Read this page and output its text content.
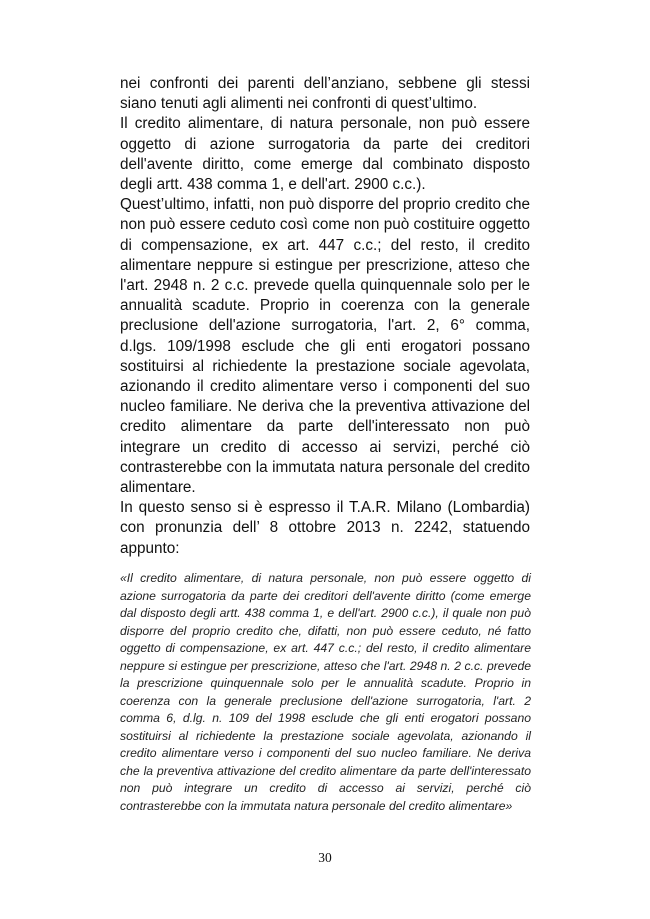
nei confronti dei parenti dell’anziano, sebbene gli stessi siano tenuti agli alimenti nei confronti di quest’ultimo.

Il credito alimentare, di natura personale, non può essere oggetto di azione surrogatoria da parte dei creditori dell'avente diritto, come emerge dal combinato disposto degli artt. 438 comma 1, e dell'art. 2900 c.c.).

Quest’ultimo, infatti, non può disporre del proprio credito che non può essere ceduto così come non può costituire oggetto di compensazione, ex art. 447 c.c.; del resto, il credito alimentare neppure si estingue per prescrizione, atteso che l'art. 2948 n. 2 c.c. prevede quella quinquennale solo per le annualità scadute. Proprio in coerenza con la generale preclusione dell'azione surrogatoria, l'art. 2, 6° comma, d.lgs. 109/1998 esclude che gli enti erogatori possano sostituirsi al richiedente la prestazione sociale agevolata, azionando il credito alimentare verso i componenti del suo nucleo familiare. Ne deriva che la preventiva attivazione del credito alimentare da parte dell'interessato non può integrare un credito di accesso ai servizi, perché ciò contrasterebbe con la immutata natura personale del credito alimentare.

In questo senso si è espresso il T.A.R. Milano (Lombardia) con pronunzia dell’ 8 ottobre 2013 n. 2242, statuendo appunto:

«Il credito alimentare, di natura personale, non può essere oggetto di azione surrogatoria da parte dei creditori dell'avente diritto (come emerge dal disposto degli artt. 438 comma 1, e dell'art. 2900 c.c.), il quale non può disporre del proprio credito che, difatti, non può essere ceduto, né fatto oggetto di compensazione, ex art. 447 c.c.; del resto, il credito alimentare neppure si estingue per prescrizione, atteso che l'art. 2948 n. 2 c.c. prevede la prescrizione quinquennale solo per le annualità scadute. Proprio in coerenza con la generale preclusione dell'azione surrogatoria, l'art. 2 comma 6, d.lg. n. 109 del 1998 esclude che gli enti erogatori possano sostituirsi al richiedente la prestazione sociale agevolata, azionando il credito alimentare verso i componenti del suo nucleo familiare. Ne deriva che la preventiva attivazione del credito alimentare da parte dell'interessato non può integrare un credito di accesso ai servizi, perché ciò contrasterebbe con la immutata natura personale del credito alimentare»

30
